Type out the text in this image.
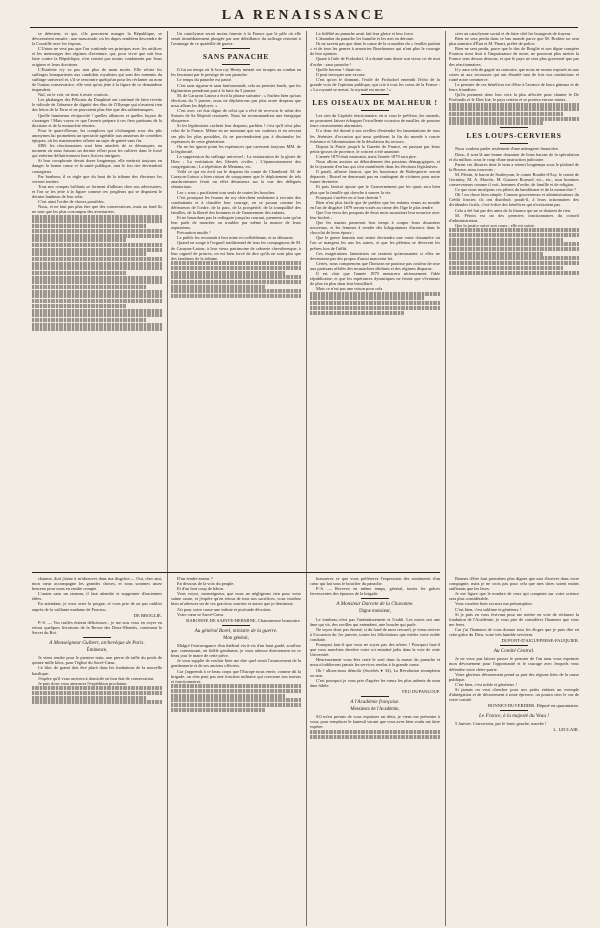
LA RENAISSANCE

se détestent, et qui, s'ils pouvaient manger la République, se dévoreraient ensuite ; une mascarade, où les dupes semblent descendre de la Courtille avec les fripons.

L'Union ne veut pas que l'on confonde ses principes avec les artifices et les mensonges des régimes d'aventure, qui, pour vivre que soit leur lutte contre la République, n'en restent pas moins condamnés par leurs origines et leurs doctrines.

L'Estafette n'y va pas non plus de main morte. Elle refuse les suffrages bonapartistes aux candidats royalistes qui sont des ennemis du suffrage universel et, s'il se rencontre quelqu'un pour les réclamer au nom de l'union conservatrice, elle veut qu'on jette à la figure de ce demandeur imprudent.

Nul, on le voit, ne tient à rester courtois.

Les phalanges des Pélicans du Dauphiné ont continué de faire recette le ridicule de l'absence de dignité des élus de l'Olympe qui n'avaient rien des héros de la Terre et ne pouvaient plus être que des saltimbanques.

Quelle lumineuse réciprocité ! quelles alliances et quelles façons de s'arranger ! Mais voyez ce que l'avenir prépare à ces fiers partisans de la dictature et de la monarchie réunies.

Pour le quart-d'heure, les complices qui s'échangent sous des plis anonymes lui promettent un spectacle agréable aux amateurs de comédies épiques, où les marionnettes offrent un sujet de gaieté sans fin.

MM. les réactionnaires sont bien attachés de se démasquer, au moment où nous faisons un dernier effort pour les cultiver dans le fossé qui enferme définitivement leurs fictives intrigues.

Si leur cacophonie devait durer longtemps, elle mettrait toujours en danger la bonne cause et la santé publique, tant le fou rire deviendrait contagieux.

Par bonheur, il se règle que du haut de la tribune des électeurs les verront tomber.

Tous nos conquis brillants se forment d'ailleurs chez nos adversaires, et l'on se les jette à la figure comme ces jongleurs qui se disputent le dernier lambeau de leur robe.

C'est ainsi l'ordre de choses possibles.

Nous, et ne faut pas plus être que des conservateurs, mais au fond ils ne sont que les plus corrompus des aventuriers.

Un cataclysme serait moins funeste à la France que le pâle où elle serait immédiatement plongée par une défaillance du suffrage restreint à l'avantage de ce quadrille de gueux.

SANS PANACHE

Il fut un temps où le bon roy Henry menait ses troupes au combat en les fascinant par le prestige de son panache.

Le temps du panache est passé.

C'est sans rigueur et sans fanfaronnade, cela au premier fonds, que les légitimistes prendront part à la lutte du 5 janvier.

M. de Carayon Latour a écrit la phrase suivante : « Sachez bien qu'aux élections du 5 janvier, nous ne déploierons pas plus notre drapeau que nous allons les déployer. »

C'est avec cet état digne de celui qui a rêvé de recevoir le trône des Suisses de Sa Majesté restaurée. Nous lui recommandons une énergique éloquence.

Si les légitimistes cachent leur drapeau, parbleu ! c'est qu'il n'est plus celui de la France. Même en ne montrant que ses couleurs et en servant ses plis les plus possibles, ils ne parviendraient pas à dissimuler les espérances de cette génération.

On ne les ignore point les espérances que caressent toujours MM. de la légitimité.

La suppression du suffrage universel ; La restauration de la gloire de Dieu ; La restitution des libertés civiles ; L'épanouissement des congrégations ; La répétition de Mentana, etc.

Voilà ce qui est écrit sur le drapeau du comte de Chambord. M. de Carayon-Latour a bien raison de soupçonner que le déploiement de tels anachronismes ferait un effet désastreux sur la vue des délégués sénatoriaux.

Les « sous » purifiaient tout seuls de toutes les bouches.

C'est pourquoi les feuaux du roy cherchent seulement à recruter des combattants et à chauffer leur courage, en se posant comme les défenseurs de l'ordre, de la paix, de la prospérité, de la tranquillité des familles, de la liberté des hommes et de l'amusement des enfants.

Et ne hasardons pas la redingote jusqu'au courant, prennent soin qu'on leur parle de moucher ou troubler par même la nuance de leurs aspirations.

Précaution inutile !

Le public les reconnaît à leur mine es-coébédienne, et se détourne.

Quand on songe à l'orgueil traditionnel de tous les compagnons de M. de Carayon-Latour, à leur vieux patrimoine de crânerie chevaleresque, à leur orgueil de princes, on est bien forcé de dire qu'ils ne sont plus que des fantômes de la tribune.

La fidélité au panache avait fait leur gloire et leur force.

L'abandon du panache les humilie et les met en déroute.

Ils ne savent pas que dans la cause de la couardise du « feuillet parlant » et de tous les genres à armoiries Bourbonnes qui n'ont plus le courage de leur opinion.

Quant à l'aile de Frohsdorf, il a donné sans doute son vieux cri de mot d'ordre : sans panache !

Quelle horreur ! dirait-on.

Il peut invoquer une excuse.

C'est qu'on le donnant, l'exilé de Frohsdorf entendit l'écho de la grande voix de l'opinion publique, qui crie à tous les coins de la France : « La royauté se meurt, la royauté est morte ! »

LES OISEAUX DE MALHEUR !

Les oies du Capitole réactionnaire, en si vous le préférez, les canards, ne pouvaient laisser échapper l'excellente occasion de nasiller, de pousser leurs croassements alarmistes.

Il a donc été donné à nos oreilles d'entendre les lamentations de tous les Jérémies d'occasion qui nous prédisent la fin du monde à courte échéance et l'abomination de la désolation du recours.

Depuis la Patrie jusqu'à la Gazette de France, en passant par leurs petits-gosses de province, le concert a été unanime.

L'année 1879 était mauvaise, mais l'année 1879 sera pire.

Nous allons assister au débordement des passions démagogiques, et de la tyrannie d'en bas qui s'est manifestée dans les élections législatives.

Il paraît, affirme Janicot, que les bourreaux de Robespierre seront dépassés ; Rossel ne demeurait pas en contingent de victimes pour notre future devinette.

Et puis Janicot ajoute que le Gouvernement par les quais sera bien plus que la famille qui cherche à sauver la vie.

Pourquoi s'arrêter en si bon chemin ?

Rien n'est plus facile que de prédire que les enfants venus au monde en l'an de disgrâce 1879 seront voués au crime dès l'âge le plus tendre.

Que l'on verra des poupons de deux mois assassiner leur nourrice avec leur hochet ;

Que les marins passeront leur temps à couper leurs douaniers nouveaux, et les femmes à vendre des kilogrammes d'arsenic dans le chocolat de leurs époux ;

Que le genre humain tout entier deviendra une vaste chaumière où l'on se mangera les uns les autres, et que les pèlerins se dévorent les prêtres lors de l'affût.

Ces exagérations fantaisistes ne seraient qu'amusantes si elles ne devenaient pas des propos d'aussi mauvaise foi.

Certes, nous comprenons que l'horizon ne paraisse pas couleur de rose aux partisans affolés des monarchies déchues et des régimes disparus.

Il est clair que l'année 1879 menacera sérieusement l'idée républicaine, et que les espérances dynastiques ne feront que s'évanouir de plus en plus dans leur brouillard.

Mais ce n'est pas une raison pour cela

crier au cataclysme social et de faire côté les bourgeois de frayeur.

Rien ne sera perdu dans ce bas monde parce que M. Brohier ne sera plus ministre d'État et M. Pinart, préfet de police.

Rien ne sera perdu, parce que le duc de Broglie et son digne compère Fourtou iront finir à l'impuissance de nuire, ne pourront plus mettre la France sens dessus dessous, et que le pays ne sera plus gouverné que par des réactionnaires.

Il y aura cela de gagné au contraire, que nous ne serons exposés ni aux crises ni aux secousses qui ont ébranlé tant de fois nos institutions et ruiné notre commerce.

Le premier de ces bénéfices est d'être à l'avance de leurs gâteaux et de leurs friandises.

Qu'ils prennent donc leur voix la plus affectée pour chanter le De Profundis et le Dies Iræ, le pays restera et se portera encore mieux.

LES LOUPS-CERVIERS

Nous voulons parler seulement d'une ménagerie financière.

Donc, il sont là une bonne douzaine de lions barons de la spéculation et du million, sous le coup d'une instruction judiciaire.

Parmi ces illustres dont le nom a retenti longtemps sous le plafond de la Bourse, nous trouvons :

M. Pétoin, le baron de Soubeyran, le comte Boudet-d'Asy, le comte de Germiny, M. A. Marche, M. Gustave Roussel, etc., etc., tous hommes conservateurs comme il voit, hommes d'ordre, de famille et de religion.

Ce que nous inculpons ces piliers du banditisme et de la monarchie ?

Oh ! un chose bien simple. Comme gouverneurs et administrateurs du Crédit foncier, ils ont distribué, paraît-il, à leurs actionnaires des dividendes fictifs, c'est-à-dire des bénéfices qui n'existaient pas.

Cela a été fait par des amis de la finance qui ne se doutent de rien.

M. Pétoin est un des premiers fonctionnaires du conseil d'administration.

Que la justice suive son cours ; elle est saisie.

chaume, doit j'aime à m'abreuver dans ma disgrâce.— Oui, cher ami, mon cœur accompagne les grandes choses, et nous sommes assez heureux pour nous en rendre compte.

L'union sans un rameau, il faut attendre et supprimer d'anciennes idées.

En attendant, je vous serre la poigne, et vous prie de ne pas oublier auprès de la vaillante madame de Fourtou.

DE BROGLIE.

P.-S. — Vos truffes étaient délicieuses ; je me suis vous en voyer en retour quelques livraisons de la Revue des Deux-Mondes, contenant le Secret du Roi.

A Monseigneur Guibert, archevêque de Paris.
Éminence,

Je viens rendre pour le premier train, une pierre de taille du poids de quinze mille kilos, pour l'église du Sacré-Cœur.

Ce bloc de granit doit être placé dans les fondations de la nouvelle basilique.

J'espère qu'il vous arrivera à domicile en bon état de conservation.

Je puis donc vous annoncer l'expédition prochaine.

D'un tendre amour ?

En dessous de la voix du peuple.

Et d'un bon coup de bâton.

Vous voyez, monseigneur, que nous ne négligeons rien pour votre sainte cause, et j'espère qu'en retour de tous nos sacrifices, vous voudrez bien m'adresser un de ces gracieux sourires et autres que je destinerai.

J'ai pour votre cause une infinie et profonde dévotion.

Votre cœur se Sacré-Cœur.

BARONNE DE SAINTE-HERMINE, Chanoinesse honoraire.
Au général Borel, ministre de la guerre.
Mon général,

Malgré l'extravagance d'un théâtral vis-à-vis d'un haut gradé, souffrez que, connaissant, en fidèle gendarme, je vous adresse directement en ce beau jour le maire de cette pièce.

Je vous supplie de vouloir bien me dire quel serait l'avancement de la gendarmerie et de ses anciens officiers.

Car j'apprends à ce beau corps que l'Europe nous envie, comme dit la brigade, on n'en peut pas une fonction militaire qui concerne nos tuteurs et fonctionnaires.

honorerez ce que vous préférerez l'expression des sentiments d'un cœur qui bat sous le bouclier du panache.

P.-S. — Recevez en même temps, général, toutes les grâces fervescentes des épouses de la brigade.

A Monsieur Darcete de la Chavanne.
Digne monsieur,

Le tombeau n'est pas l'anéantissement et l'oubli. Les morts ont une âme qui vit, des oreilles qui entendent, une bouche qui parle.

Ne soyez donc pas étonné, si du fond de mon cercueil, je viens raviver à l'occasion du 1er janvier, toutes les félicitations que mérite votre noble conduite.

Pourquoi faut-il que vous ne soyez pas des nôtres ! Pourquoi faut-il que vous marchiez derrière votre roi entraîné jadis dans la voie de cette Université.

Heureusement vous êtes resté le seul dans la masse du panache et nous n'oublierons jamais les services rendus à la grande cause.

Oh ! allons-nous démolir (Sociétés ♦ 34), La Révolution triomphera ou non.

C'est pourquoi je vous prie d'agréer les vœux les plus ardents de mon âme fidèle.

FEU DUPANLOUP.
A l'Académie française.
Messieurs de l'Académie,

S'il m'est permis de vous exprimer un désir, je viens me présenter à vous, pour remplacer le fauteuil vacant que vous avez bien voulu me faire espérer.

Bonnes d'être faut premières plus dignes que moi d'arriver dans votre compagnie, mais je ne crois pas pour cela que mes titres soient moins suffisants que les leurs.

Je me figure que le nombre de ceux qui comptent sur votre science sera plus considérable.

Vous voudrez bien excuser ma présomption.

C'est bien, c'est sublime et généreux !

Si je puis en vous écrivant pour me mettre en voie de réclamer la fondation de l'Académie, je vous prie de considérer l'honneur que vous me ferez.

Car j'ai l'honneur de vous donner tous les éloges que je puis dire en cette grâce du Dieu, votre très humble serviteur.

DUPONT-D'AIGUEPERSE-FAUQUIER.
Au Comité Central.

Je ne veux pas laisser passer le premier de l'an sans vous exprimer mon dévouement pour l'opportunité et le courage avec lesquels vous défendez votre chère patrie.

Votre glorieux dévouement prend sa part des régions liées de la cause publique.

C'est bien, c'est noble et généreux !

Si jamais on veut chercher pour nos petits enfants un exemple d'abnégation et de dévouement à toute épreuve, on pourra citer le cas de votre comité.

BONNET-DUVERDIER. Député en quarantaine.
Le France, à la majesté du Veau !

5 Janvier. Conversion, par le franc gauche, marche !

L. LECLAIR.
